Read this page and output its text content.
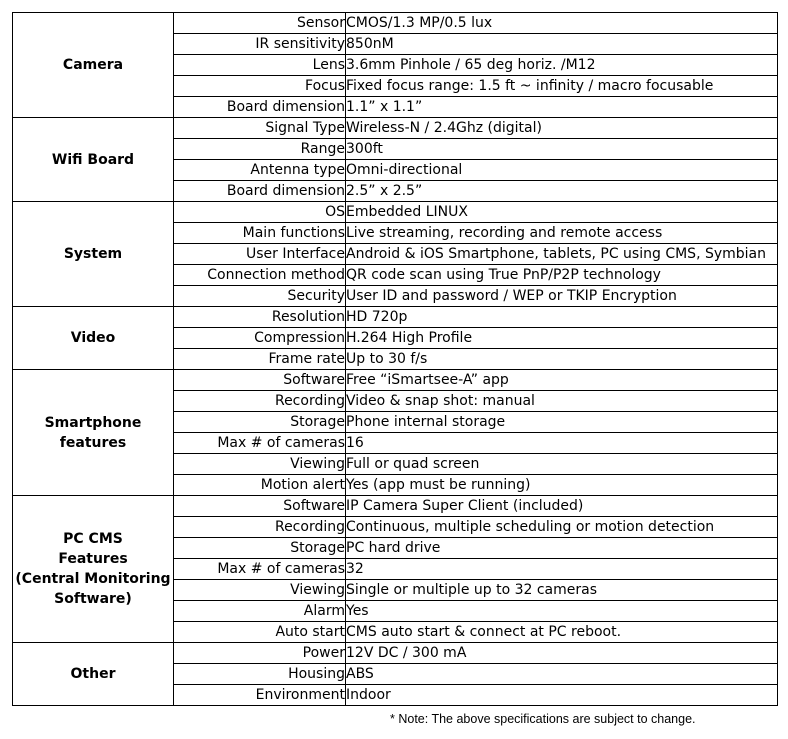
Camera	Sensor	CMOS/1.3 MP/0.5 lux
	IR sensitivity	850nM
	Lens	3.6mm Pinhole / 65 deg horiz. /M12
	Focus	Fixed focus range: 1.5 ft ~ infinity / macro focusable
	Board dimension	1.1” x 1.1”

Wifi Board	Signal Type	Wireless-N / 2.4Ghz (digital)
	Range	300ft
	Antenna type	Omni-directional
	Board dimension	2.5” x 2.5”

System	OS	Embedded LINUX
	Main functions	Live streaming, recording and remote access
	User Interface	Android & iOS Smartphone, tablets, PC using CMS, Symbian
	Connection method	QR code scan using True PnP/P2P technology
	Security	User ID and password / WEP or TKIP Encryption

Video	Resolution	HD 720p
	Compression	H.264 High Profile
	Frame rate	Up to 30 f/s

Smartphone
features	Software	Free “iSmartsee-A” app
	Recording	Video & snap shot: manual
	Storage	Phone internal storage
	Max # of cameras	16
	Viewing	Full or quad screen
	Motion alert	Yes (app must be running)

PC CMS
Features
(Central Monitoring
Software)	Software	IP Camera Super Client (included)
	Recording	Continuous, multiple scheduling or motion detection
	Storage	PC hard drive
	Max # of cameras	32
	Viewing	Single or multiple up to 32 cameras
	Alarm	Yes
	Auto start	CMS auto start & connect at PC reboot.

Other	Power	12V DC / 300 mA
	Housing	ABS
	Environment	Indoor
* Note: The above specifications are subject to change.
